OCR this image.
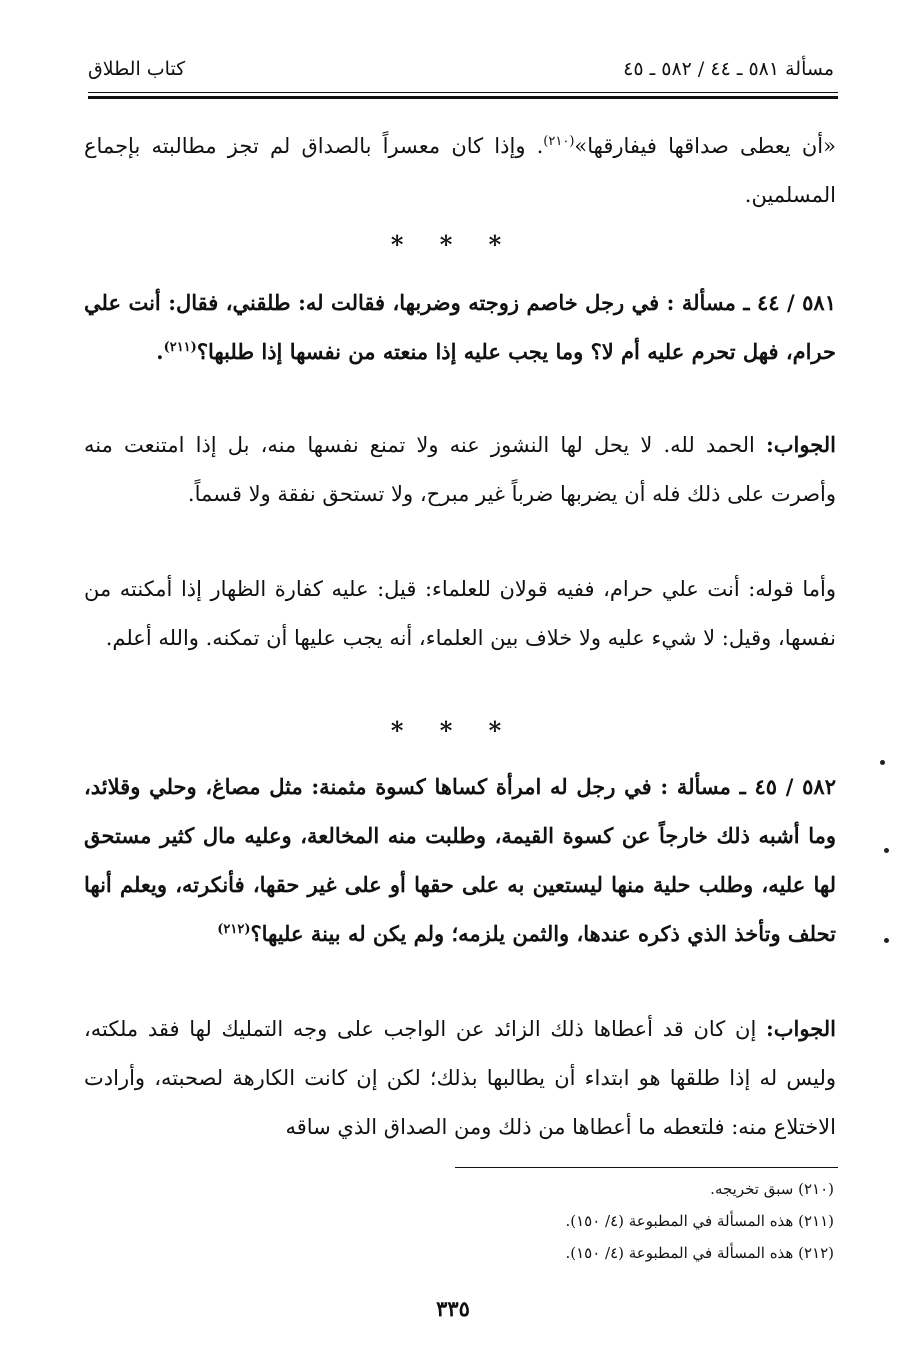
مسألة ٥٨١ ـ ٤٤ / ٥٨٢ ـ ٤٥
كتاب الطلاق
«أن يعطى صداقها فيفارقها»$^{(٢١٠)}$. وإذا كان معسراً بالصداق لم تجز مطالبته بإجماع المسلمين.
* * *
٥٨١ / ٤٤ ـ مسألة : في رجل خاصم زوجته وضربها، فقالت له: طلقني، فقال: أنت علي حرام، فهل تحرم عليه أم لا؟ وما يجب عليه إذا منعته من نفسها إذا طلبها؟$^{(٢١١)}$.
الجواب: الحمد لله. لا يحل لها النشوز عنه ولا تمنع نفسها منه، بل إذا امتنعت منه وأصرت على ذلك فله أن يضربها ضرباً غير مبرح، ولا تستحق نفقة ولا قسماً.
وأما قوله: أنت علي حرام، ففيه قولان للعلماء: قيل: عليه كفارة الظهار إذا أمكنته من نفسها، وقيل: لا شيء عليه ولا خلاف بين العلماء، أنه يجب عليها أن تمكنه. والله أعلم.
* * *
٥٨٢ / ٤٥ ـ مسألة : في رجل له امرأة كساها كسوة مثمنة: مثل مصاغ، وحلي وقلائد، وما أشبه ذلك خارجاً عن كسوة القيمة، وطلبت منه المخالعة، وعليه مال كثير مستحق لها عليه، وطلب حلية منها ليستعين به على حقها أو على غير حقها، فأنكرته، ويعلم أنها تحلف وتأخذ الذي ذكره عندها، والثمن يلزمه؛ ولم يكن له بينة عليها؟$^{(٢١٢)}$
الجواب: إن كان قد أعطاها ذلك الزائد عن الواجب على وجه التمليك لها فقد ملكته، وليس له إذا طلقها هو ابتداء أن يطالبها بذلك؛ لكن إن كانت الكارهة لصحبته، وأرادت الاختلاع منه: فلتعطه ما أعطاها من ذلك ومن الصداق الذي ساقه
(٢١٠) سبق تخريجه.
(٢١١) هذه المسألة في المطبوعة (٤/ ١٥٠).
(٢١٢) هذه المسألة في المطبوعة (٤/ ١٥٠).
٣٣٥
